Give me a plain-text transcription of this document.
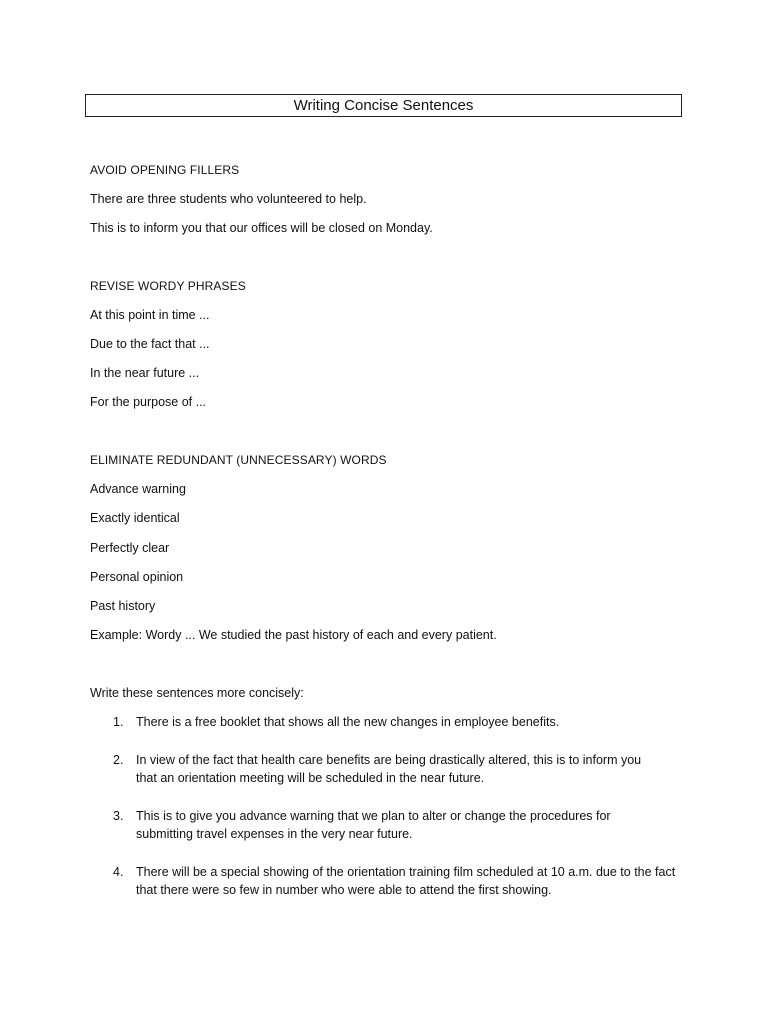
Writing Concise Sentences
AVOID OPENING FILLERS
There are three students who volunteered to help.
This is to inform you that our offices will be closed on Monday.
REVISE WORDY PHRASES
At this point in time ...
Due to the fact that ...
In the near future ...
For the purpose of ...
ELIMINATE REDUNDANT (UNNECESSARY) WORDS
Advance warning
Exactly identical
Perfectly clear
Personal opinion
Past history
Example: Wordy ... We studied the past history of each and every patient.
Write these sentences more concisely:
1. There is a free booklet that shows all the new changes in employee benefits.
2. In view of the fact that health care benefits are being drastically altered, this is to inform you that an orientation meeting will be scheduled in the near future.
3. This is to give you advance warning that we plan to alter or change the procedures for submitting travel expenses in the very near future.
4. There will be a special showing of the orientation training film scheduled at 10 a.m. due to the fact that there were so few in number who were able to attend the first showing.
